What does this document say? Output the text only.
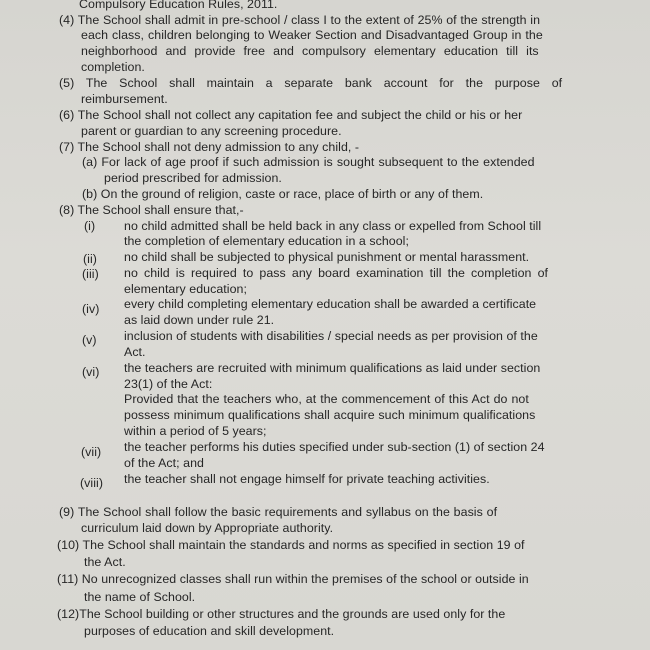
Compulsory Education Rules, 2011.
(4) The School shall admit in pre-school / class I to the extent of 25% of the strength in
each class, children belonging to Weaker Section and Disadvantaged Group in the
neighborhood and provide free and compulsory elementary education till its
completion.
(5) The School shall maintain a separate bank account for the purpose of
reimbursement.
(6) The School shall not collect any capitation fee and subject the child or his or her
parent or guardian to any screening procedure.
(7) The School shall not deny admission to any child, -
(a) For lack of age proof if such admission is sought subsequent to the extended
period prescribed for admission.
(b) On the ground of religion, caste or race, place of birth or any of them.
(8) The School shall ensure that,-
(i) no child admitted shall be held back in any class or expelled from School till
the completion of elementary education in a school;
(ii) no child shall be subjected to physical punishment or mental harassment.
(iii) no child is required to pass any board examination till the completion of
elementary education;
(iv) every child completing elementary education shall be awarded a certificate
as laid down under rule 21.
(v) inclusion of students with disabilities / special needs as per provision of the
Act.
(vi) the teachers are recruited with minimum qualifications as laid under section
23(1) of the Act:
Provided that the teachers who, at the commencement of this Act do not
possess minimum qualifications shall acquire such minimum qualifications
within a period of 5 years;
(vii) the teacher performs his duties specified under sub-section (1) of section 24
of the Act; and
(viii) the teacher shall not engage himself for private teaching activities.
(9) The School shall follow the basic requirements and syllabus on the basis of
curriculum laid down by Appropriate authority.
(10) The School shall maintain the standards and norms as specified in section 19 of
the Act.
(11) No unrecognized classes shall run within the premises of the school or outside in
the name of School.
(12)The School building or other structures and the grounds are used only for the
purposes of education and skill development.
